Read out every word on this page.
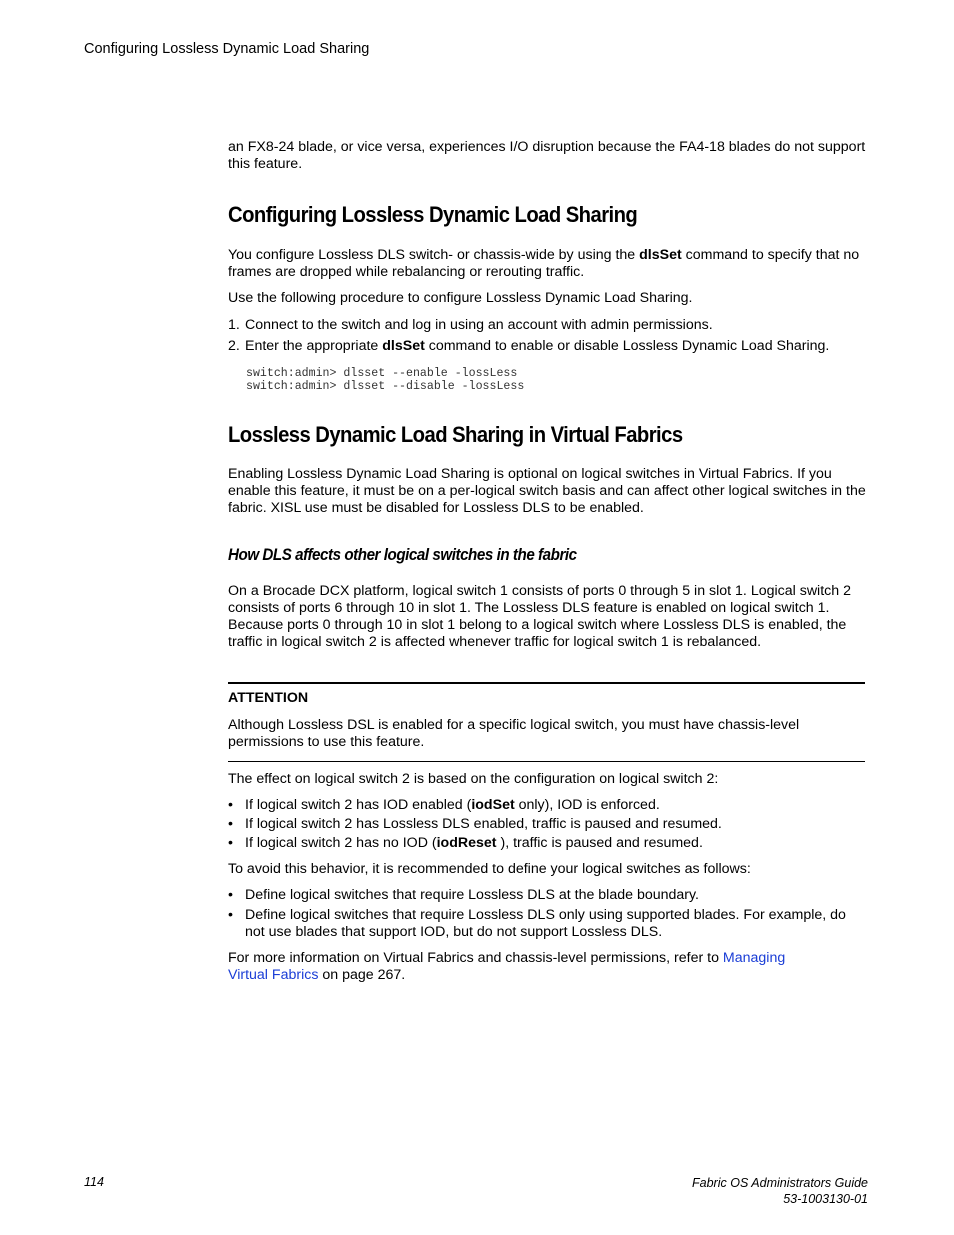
Configuring Lossless Dynamic Load Sharing

an FX8-24 blade, or vice versa, experiences I/O disruption because the FA4-18 blades do not support this feature.

Configuring Lossless Dynamic Load Sharing

You configure Lossless DLS switch- or chassis-wide by using the dlsSet command to specify that no frames are dropped while rebalancing or rerouting traffic.

Use the following procedure to configure Lossless Dynamic Load Sharing.

1. Connect to the switch and log in using an account with admin permissions.
2. Enter the appropriate dlsSet command to enable or disable Lossless Dynamic Load Sharing.
switch:admin> dlsset --enable -lossLess
switch:admin> dlsset --disable -lossLess
Lossless Dynamic Load Sharing in Virtual Fabrics

Enabling Lossless Dynamic Load Sharing is optional on logical switches in Virtual Fabrics. If you enable this feature, it must be on a per-logical switch basis and can affect other logical switches in the fabric. XISL use must be disabled for Lossless DLS to be enabled.

How DLS affects other logical switches in the fabric

On a Brocade DCX platform, logical switch 1 consists of ports 0 through 5 in slot 1. Logical switch 2 consists of ports 6 through 10 in slot 1. The Lossless DLS feature is enabled on logical switch 1. Because ports 0 through 10 in slot 1 belong to a logical switch where Lossless DLS is enabled, the traffic in logical switch 2 is affected whenever traffic for logical switch 1 is rebalanced.

ATTENTION

Although Lossless DSL is enabled for a specific logical switch, you must have chassis-level permissions to use this feature.

The effect on logical switch 2 is based on the configuration on logical switch 2:

• If logical switch 2 has IOD enabled (iodSet only), IOD is enforced.
• If logical switch 2 has Lossless DLS enabled, traffic is paused and resumed.
• If logical switch 2 has no IOD (iodReset ), traffic is paused and resumed.

To avoid this behavior, it is recommended to define your logical switches as follows:

• Define logical switches that require Lossless DLS at the blade boundary.
• Define logical switches that require Lossless DLS only using supported blades. For example, do not use blades that support IOD, but do not support Lossless DLS.

For more information on Virtual Fabrics and chassis-level permissions, refer to Managing Virtual Fabrics on page 267.

114	Fabric OS Administrators Guide
53-1003130-01
